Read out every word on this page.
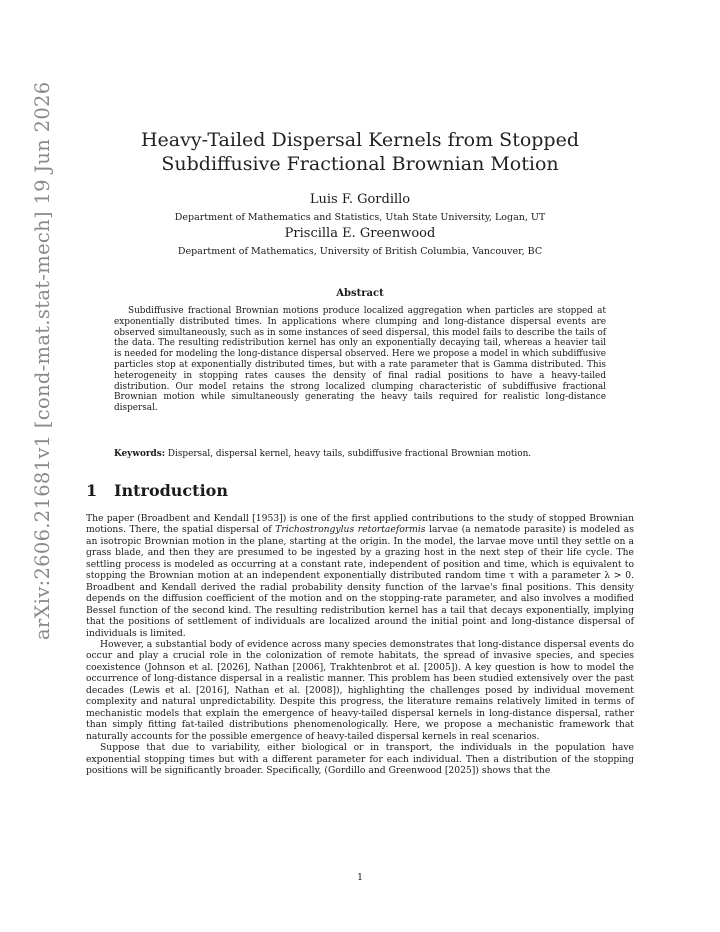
arXiv:2606.21681v1 [cond-mat.stat-mech] 19 Jun 2026	Heavy-Tailed Dispersal Kernels from Stopped Subdiffusive Fractional Brownian Motion
Luis F. Gordillo
Department of Mathematics and Statistics, Utah State University, Logan, UT
Priscilla E. Greenwood
Department of Mathematics, University of British Columbia, Vancouver, BC
Abstract

Subdiffusive fractional Brownian motions produce localized aggregation when particles are stopped at exponentially distributed times. In applications where clumping and long-distance dispersal events are observed simultaneously, such as in some instances of seed dispersal, this model fails to describe the tails of the data. The resulting redistribution kernel has only an exponentially decaying tail, whereas a heavier tail is needed for modeling the long-distance dispersal observed. Here we propose a model in which subdiffusive particles stop at exponentially distributed times, but with a rate parameter that is Gamma distributed. This heterogeneity in stopping rates causes the density of final radial positions to have a heavy-tailed distribution. Our model retains the strong localized clumping characteristic of subdiffusive fractional Brownian motion while simultaneously generating the heavy tails required for realistic long-distance dispersal.

Keywords: Dispersal, dispersal kernel, heavy tails, subdiffusive fractional Brownian motion.

1 Introduction

The paper (Broadbent and Kendall [1953]) is one of the first applied contributions to the study of stopped Brownian motions. There, the spatial dispersal of Trichostrongylus retortaeformis larvae (a nematode parasite) is modeled as an isotropic Brownian motion in the plane, starting at the origin. In the model, the larvae move until they settle on a grass blade, and then they are presumed to be ingested by a grazing host in the next step of their life cycle. The settling process is modeled as occurring at a constant rate, independent of position and time, which is equivalent to stopping the Brownian motion at an independent exponentially distributed random time τ with a parameter λ > 0. Broadbent and Kendall derived the radial probability density function of the larvae's final positions. This density depends on the diffusion coefficient of the motion and on the stopping-rate parameter, and also involves a modified Bessel function of the second kind. The resulting redistribution kernel has a tail that decays exponentially, implying that the positions of settlement of individuals are localized around the initial point and long-distance dispersal of individuals is limited.

However, a substantial body of evidence across many species demonstrates that long-distance dispersal events do occur and play a crucial role in the colonization of remote habitats, the spread of invasive species, and species coexistence (Johnson et al. [2026], Nathan [2006], Trakhtenbrot et al. [2005]). A key question is how to model the occurrence of long-distance dispersal in a realistic manner. This problem has been studied extensively over the past decades (Lewis et al. [2016], Nathan et al. [2008]), highlighting the challenges posed by individual movement complexity and natural unpredictability. Despite this progress, the literature remains relatively limited in terms of mechanistic models that explain the emergence of heavy-tailed dispersal kernels in long-distance dispersal, rather than simply fitting fat-tailed distributions phenomenologically. Here, we propose a mechanistic framework that naturally accounts for the possible emergence of heavy-tailed dispersal kernels in real scenarios.

Suppose that due to variability, either biological or in transport, the individuals in the population have exponential stopping times but with a different parameter for each individual. Then a distribution of the stopping positions will be significantly broader. Specifically, (Gordillo and Greenwood [2025]) shows that the

1
